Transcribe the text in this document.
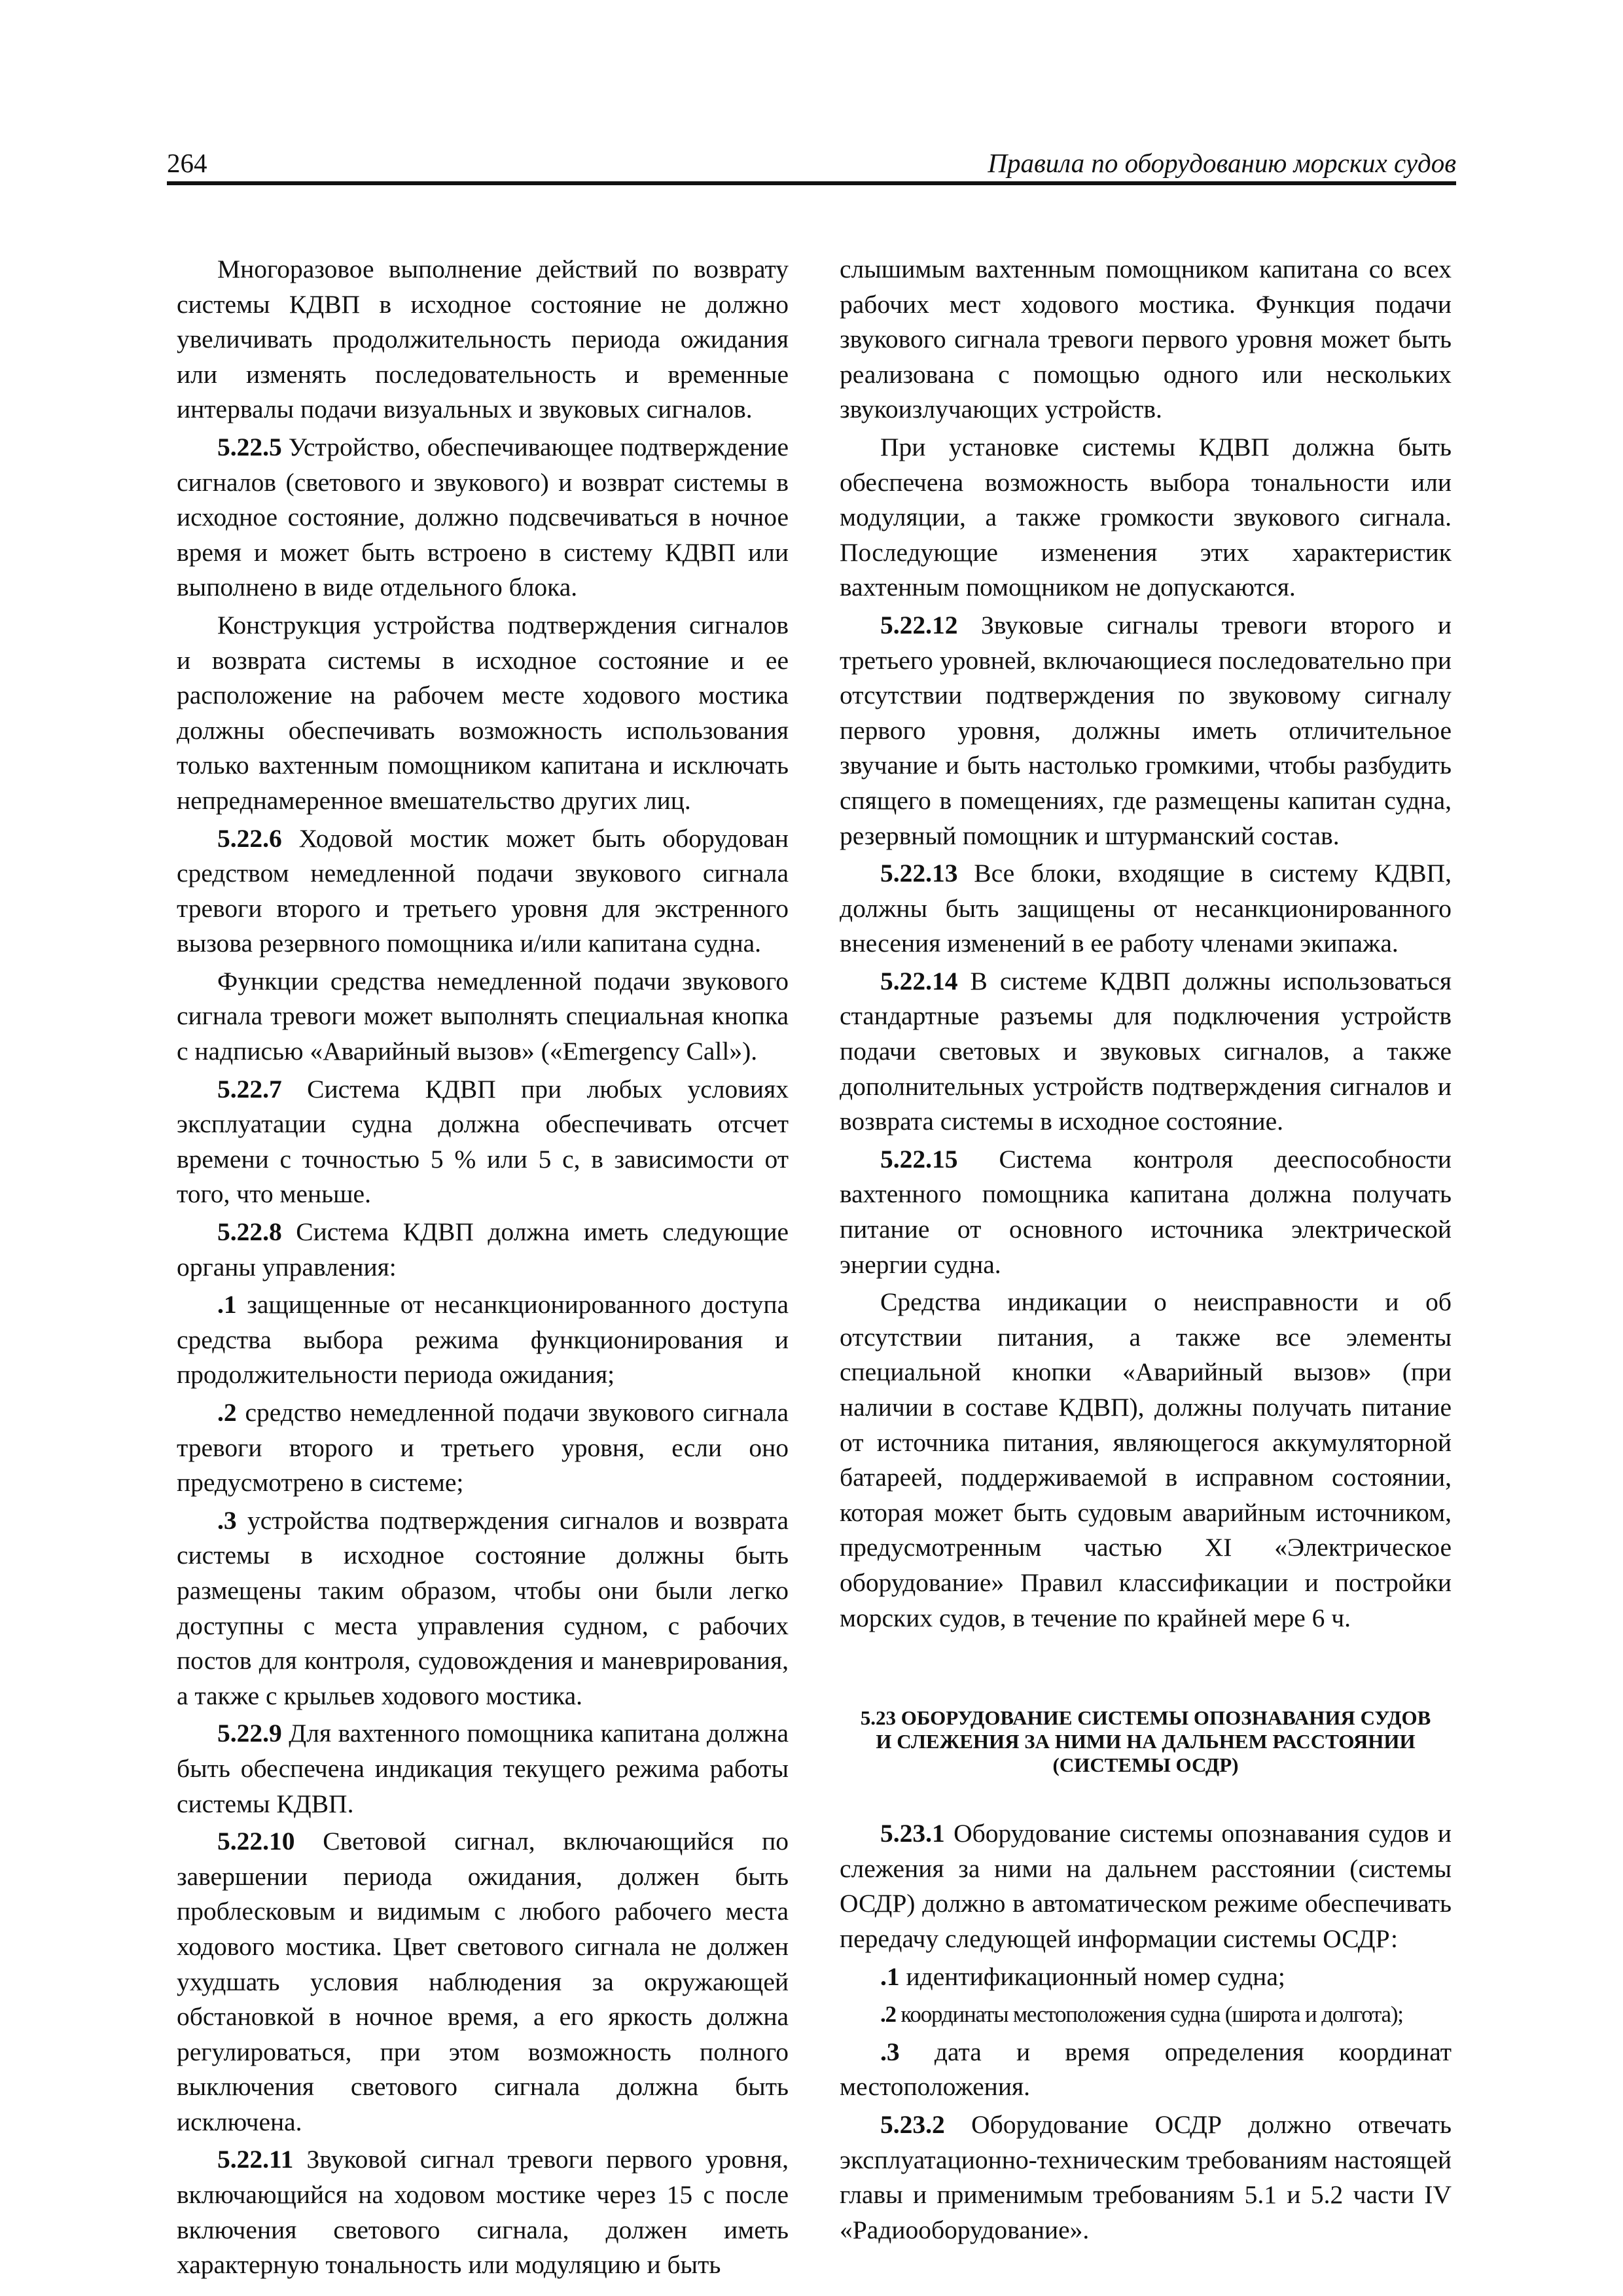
264	Правила по оборудованию морских судов

Многоразовое выполнение действий по возврату системы КДВП в исходное состояние не должно увеличивать продолжительность периода ожидания или изменять последовательность и временные интервалы подачи визуальных и звуковых сигналов.

5.22.5 Устройство, обеспечивающее подтверждение сигналов (светового и звукового) и возврат системы в исходное состояние, должно подсвечиваться в ночное время и может быть встроено в систему КДВП или выполнено в виде отдельного блока.

Конструкция устройства подтверждения сигналов и возврата системы в исходное состояние и ее расположение на рабочем месте ходового мостика должны обеспечивать возможность использования только вахтенным помощником капитана и исключать непреднамеренное вмешательство других лиц.

5.22.6 Ходовой мостик может быть оборудован средством немедленной подачи звукового сигнала тревоги второго и третьего уровня для экстренного вызова резервного помощника и/или капитана судна.

Функции средства немедленной подачи звукового сигнала тревоги может выполнять специальная кнопка с надписью «Аварийный вызов» («Emergency Call»).

5.22.7 Система КДВП при любых условиях эксплуатации судна должна обеспечивать отсчет времени с точностью 5 % или 5 с, в зависимости от того, что меньше.

5.22.8 Система КДВП должна иметь следующие органы управления:

.1 защищенные от несанкционированного доступа средства выбора режима функционирования и продолжительности периода ожидания;

.2 средство немедленной подачи звукового сигнала тревоги второго и третьего уровня, если оно предусмотрено в системе;

.3 устройства подтверждения сигналов и возврата системы в исходное состояние должны быть размещены таким образом, чтобы они были легко доступны с места управления судном, с рабочих постов для контроля, судовождения и маневрирования, а также с крыльев ходового мостика.

5.22.9 Для вахтенного помощника капитана должна быть обеспечена индикация текущего режима работы системы КДВП.

5.22.10 Световой сигнал, включающийся по завершении периода ожидания, должен быть проблесковым и видимым с любого рабочего места ходового мостика. Цвет светового сигнала не должен ухудшать условия наблюдения за окружающей обстановкой в ночное время, а его яркость должна регулироваться, при этом возможность полного выключения светового сигнала должна быть исключена.

5.22.11 Звуковой сигнал тревоги первого уровня, включающийся на ходовом мостике через 15 с после включения светового сигнала, должен иметь характерную тональность или модуляцию и быть

слышимым вахтенным помощником капитана со всех рабочих мест ходового мостика. Функция подачи звукового сигнала тревоги первого уровня может быть реализована с помощью одного или нескольких звукоизлучающих устройств.

При установке системы КДВП должна быть обеспечена возможность выбора тональности или модуляции, а также громкости звукового сигнала. Последующие изменения этих характеристик вахтенным помощником не допускаются.

5.22.12 Звуковые сигналы тревоги второго и третьего уровней, включающиеся последовательно при отсутствии подтверждения по звуковому сигналу первого уровня, должны иметь отличительное звучание и быть настолько громкими, чтобы разбудить спящего в помещениях, где размещены капитан судна, резервный помощник и штурманский состав.

5.22.13 Все блоки, входящие в систему КДВП, должны быть защищены от несанкционированного внесения изменений в ее работу членами экипажа.

5.22.14 В системе КДВП должны использоваться стандартные разъемы для подключения устройств подачи световых и звуковых сигналов, а также дополнительных устройств подтверждения сигналов и возврата системы в исходное состояние.

5.22.15 Система контроля дееспособности вахтенного помощника капитана должна получать питание от основного источника электрической энергии судна.

Средства индикации о неисправности и об отсутствии питания, а также все элементы специальной кнопки «Аварийный вызов» (при наличии в составе КДВП), должны получать питание от источника питания, являющегося аккумуляторной батареей, поддерживаемой в исправном состоянии, которая может быть судовым аварийным источником, предусмотренным частью XI «Электрическое оборудование» Правил классификации и постройки морских судов, в течение по крайней мере 6 ч.

5.23 ОБОРУДОВАНИЕ СИСТЕМЫ ОПОЗНАВАНИЯ СУДОВ
И СЛЕЖЕНИЯ ЗА НИМИ НА ДАЛЬНЕМ РАССТОЯНИИ
(СИСТЕМЫ ОСДР)

5.23.1 Оборудование системы опознавания судов и слежения за ними на дальнем расстоянии (системы ОСДР) должно в автоматическом режиме обеспечивать передачу следующей информации системы ОСДР:

.1 идентификационный номер судна;

.2 координаты местоположения судна (широта и долгота);

.3 дата и время определения координат местоположения.

5.23.2 Оборудование ОСДР должно отвечать эксплуатационно-техническим требованиям настоящей главы и применимым требованиям 5.1 и 5.2 части IV «Радиооборудование».
